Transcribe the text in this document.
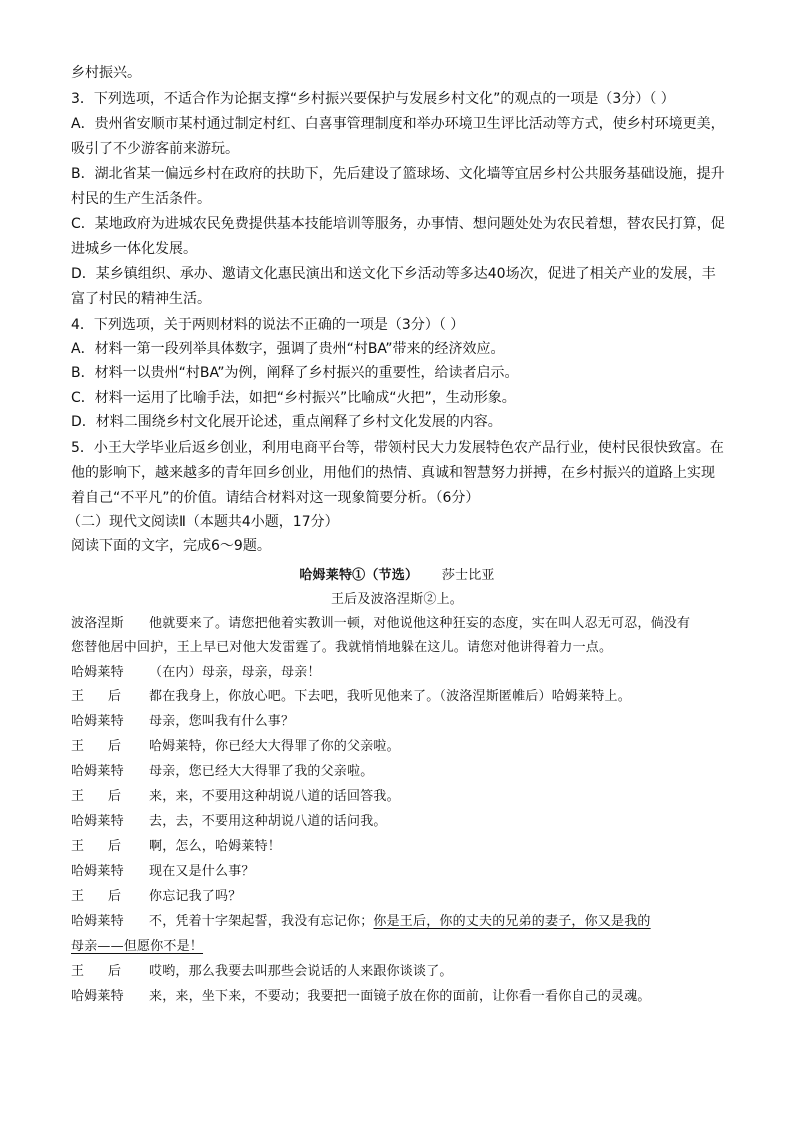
乡村振兴。
3．下列选项，不适合作为论据支撑“乡村振兴要保护与发展乡村文化”的观点的一项是（3分）（ ）
A．贵州省安顺市某村通过制定村红、白喜事管理制度和举办环境卫生评比活动等方式，使乡村环境更美，
吸引了不少游客前来游玩。
B．湖北省某一偏远乡村在政府的扶助下，先后建设了篮球场、文化墙等宜居乡村公共服务基础设施，提升
村民的生产生活条件。
C．某地政府为进城农民免费提供基本技能培训等服务，办事情、想问题处处为农民着想，替农民打算，促
进城乡一体化发展。
D．某乡镇组织、承办、邀请文化惠民演出和送文化下乡活动等多达40场次，促进了相关产业的发展，丰
富了村民的精神生活。
4．下列选项，关于两则材料的说法不正确的一项是（3分）（ ）
A．材料一第一段列举具体数字，强调了贵州“村BA”带来的经济效应。
B．材料一以贵州“村BA”为例，阐释了乡村振兴的重要性，给读者启示。
C．材料一运用了比喻手法，如把“乡村振兴”比喻成“火把”，生动形象。
D．材料二围绕乡村文化展开论述，重点阐释了乡村文化发展的内容。
5．小王大学毕业后返乡创业，利用电商平台等，带领村民大力发展特色农产品行业，使村民很快致富。在
他的影响下，越来越多的青年回乡创业，用他们的热情、真诚和智慧努力拼搏，在乡村振兴的道路上实现
着自己“不平凡”的价值。请结合材料对这一现象简要分析。（6分）
（二）现代文阅读Ⅱ（本题共4小题，17分）
阅读下面的文字，完成6～9题。
哈姆莱特①（节选） 莎士比亚
王后及波洛涅斯②上。
波洛涅斯 他就要来了。请您把他着实教训一顿，对他说他这种狂妄的态度，实在叫人忍无可忍，倘没有
您替他居中回护，王上早已对他大发雷霆了。我就悄悄地躲在这儿。请您对他讲得着力一点。
哈姆莱特 （在内）母亲，母亲，母亲！
王后 都在我身上，你放心吧。下去吧，我听见他来了。（波洛涅斯匿帷后）哈姆莱特上。
哈姆莱特 母亲，您叫我有什么事？
王后 哈姆莱特，你已经大大得罪了你的父亲啦。
哈姆莱特 母亲，您已经大大得罪了我的父亲啦。
王后 来，来，不要用这种胡说八道的话回答我。
哈姆莱特 去，去，不要用这种胡说八道的话问我。
王后 啊，怎么，哈姆莱特！
哈姆莱特 现在又是什么事？
王后 你忘记我了吗？
哈姆莱特 不，凭着十字架起誓，我没有忘记你；你是王后，你的丈夫的兄弟的妻子，你又是我的
母亲——但愿你不是！
王后 哎哟，那么我要去叫那些会说话的人来跟你谈谈了。
哈姆莱特 来，来，坐下来，不要动；我要把一面镜子放在你的面前，让你看一看你自己的灵魂。
